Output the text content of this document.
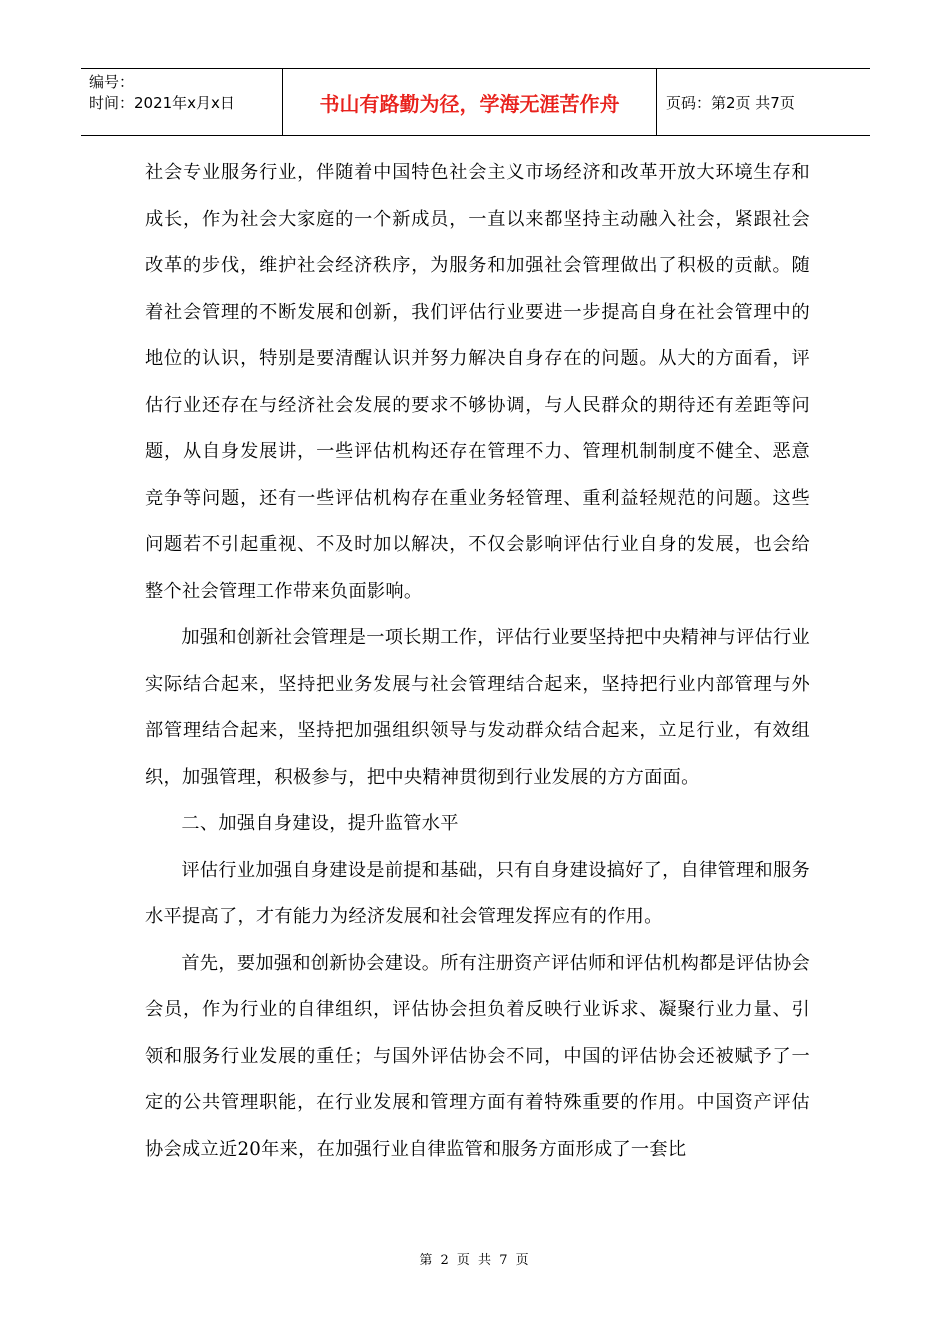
编号：
时间：2021年x月x日	书山有路勤为径，学海无涯苦作舟	页码：第2页 共7页

社会专业服务行业，伴随着中国特色社会主义市场经济和改革开放大环境生存和成长，作为社会大家庭的一个新成员，一直以来都坚持主动融入社会，紧跟社会改革的步伐，维护社会经济秩序，为服务和加强社会管理做出了积极的贡献。随着社会管理的不断发展和创新，我们评估行业要进一步提高自身在社会管理中的地位的认识，特别是要清醒认识并努力解决自身存在的问题。从大的方面看，评估行业还存在与经济社会发展的要求不够协调，与人民群众的期待还有差距等问题，从自身发展讲，一些评估机构还存在管理不力、管理机制制度不健全、恶意竞争等问题，还有一些评估机构存在重业务轻管理、重利益轻规范的问题。这些问题若不引起重视、不及时加以解决，不仅会影响评估行业自身的发展，也会给整个社会管理工作带来负面影响。

加强和创新社会管理是一项长期工作，评估行业要坚持把中央精神与评估行业实际结合起来，坚持把业务发展与社会管理结合起来，坚持把行业内部管理与外部管理结合起来，坚持把加强组织领导与发动群众结合起来，立足行业，有效组织，加强管理，积极参与，把中央精神贯彻到行业发展的方方面面。

二、加强自身建设，提升监管水平

评估行业加强自身建设是前提和基础，只有自身建设搞好了，自律管理和服务水平提高了，才有能力为经济发展和社会管理发挥应有的作用。

首先，要加强和创新协会建设。所有注册资产评估师和评估机构都是评估协会会员，作为行业的自律组织，评估协会担负着反映行业诉求、凝聚行业力量、引领和服务行业发展的重任；与国外评估协会不同，中国的评估协会还被赋予了一定的公共管理职能，在行业发展和管理方面有着特殊重要的作用。中国资产评估协会成立近20年来，在加强行业自律监管和服务方面形成了一套比

第 2 页 共 7 页
